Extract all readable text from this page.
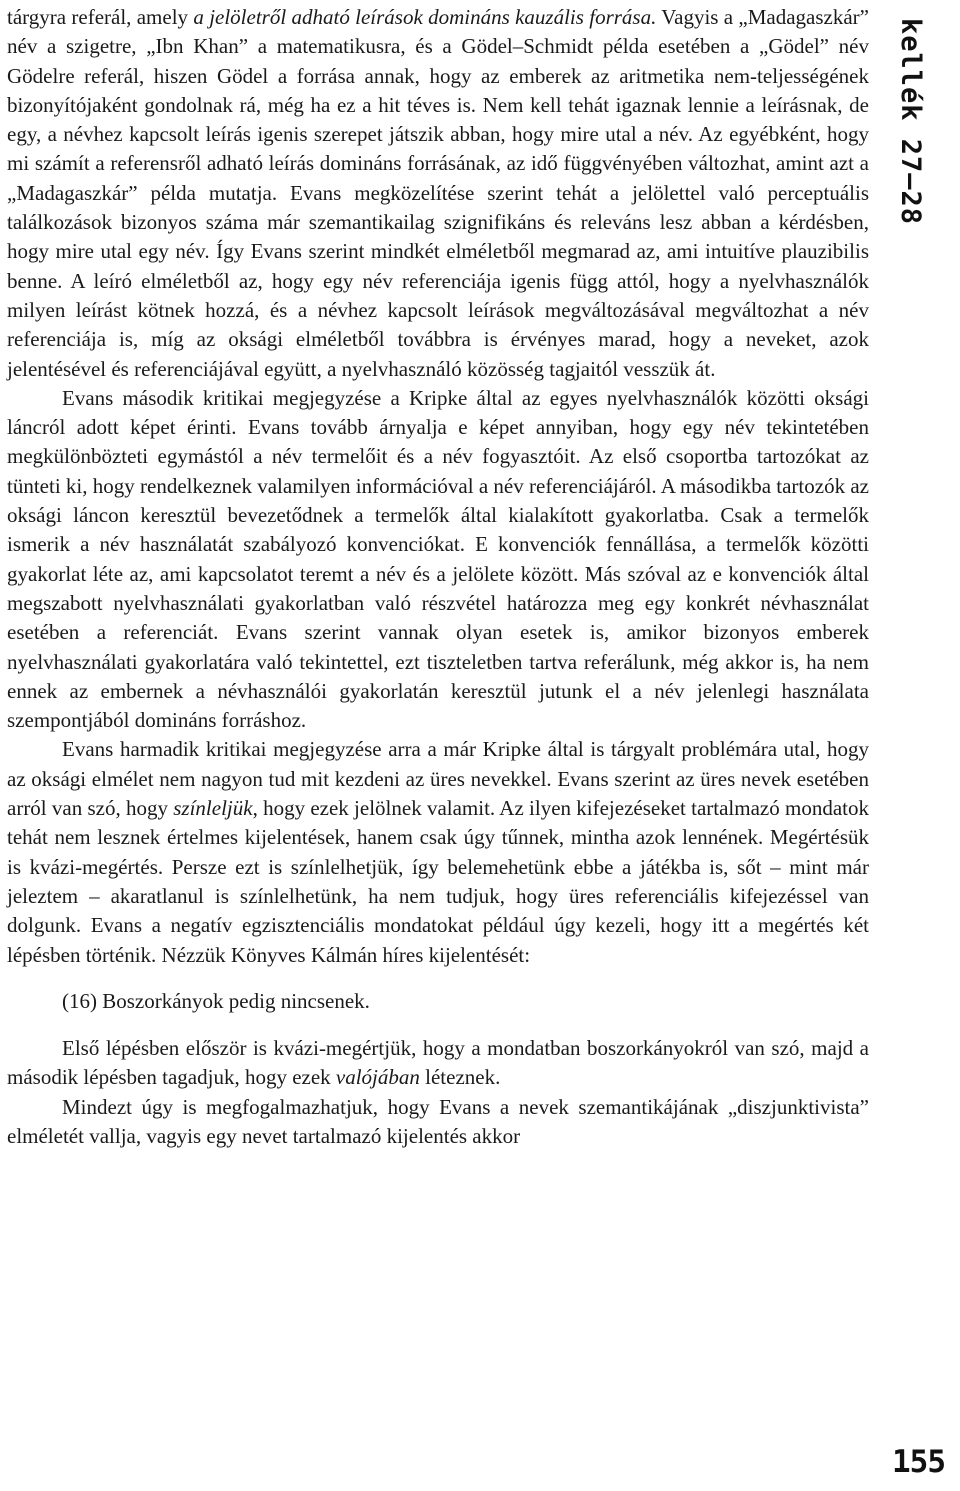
tárgyra referál, amely a jelöletről adható leírások domináns kauzális forrása. Vagyis a „Madagaszkár” név a szigetre, „Ibn Khan” a matematikusra, és a Gödel–Schmidt példa esetében a „Gödel” név Gödelre referál, hiszen Gödel a forrása annak, hogy az emberek az aritmetika nem-teljességének bizonyítójaként gondolnak rá, még ha ez a hit téves is. Nem kell tehát igaznak lennie a leírásnak, de egy, a névhez kapcsolt leírás igenis szerepet játszik abban, hogy mire utal a név. Az egyébként, hogy mi számít a referensről adható leírás domináns forrásának, az idő függvényében változhat, amint azt a „Madagaszkár” példa mutatja. Evans megközelítése szerint tehát a jelölettel való perceptuális találkozások bizonyos száma már szemantikailag szignifikáns és releváns lesz abban a kérdésben, hogy mire utal egy név. Így Evans szerint mindkét elméletből megmarad az, ami intuitíve plauzibilis benne. A leíró elméletből az, hogy egy név referenciája igenis függ attól, hogy a nyelvhasználók milyen leírást kötnek hozzá, és a névhez kapcsolt leírások megváltozásával megváltozhat a név referenciája is, míg az oksági elméletből továbbra is érvényes marad, hogy a neveket, azok jelentésével és referenciájával együtt, a nyelvhasználó közösség tagjaitól vesszük át.

Evans második kritikai megjegyzése a Kripke által az egyes nyelvhasználók közötti oksági láncról adott képet érinti. Evans tovább árnyalja e képet annyiban, hogy egy név tekintetében megkülönbözteti egymástól a név termelőit és a név fogyasztóit. Az első csoportba tartozókat az tünteti ki, hogy rendelkeznek valamilyen információval a név referenciájáról. A másodikba tartozók az oksági láncon keresztül bevezetődnek a termelők által kialakított gyakorlatba. Csak a termelők ismerik a név használatát szabályozó konvenciókat. E konvenciók fennállása, a termelők közötti gyakorlat léte az, ami kapcsolatot teremt a név és a jelölete között. Más szóval az e konvenciók által megszabott nyelvhasználati gyakorlatban való részvétel határozza meg egy konkrét névhasználat esetében a referenciát. Evans szerint vannak olyan esetek is, amikor bizonyos emberek nyelvhasználati gyakorlatára való tekintettel, ezt tiszteletben tartva referálunk, még akkor is, ha nem ennek az embernek a névhasználói gyakorlatán keresztül jutunk el a név jelenlegi használata szempontjából domináns forráshoz.

Evans harmadik kritikai megjegyzése arra a már Kripke által is tárgyalt problémára utal, hogy az oksági elmélet nem nagyon tud mit kezdeni az üres nevekkel. Evans szerint az üres nevek esetében arról van szó, hogy színleljük, hogy ezek jelölnek valamit. Az ilyen kifejezéseket tartalmazó mondatok tehát nem lesznek értelmes kijelentések, hanem csak úgy tűnnek, mintha azok lennének. Megértésük is kvázi-megértés. Persze ezt is színlelhetjük, így belemehetünk ebbe a játékba is, sőt – mint már jeleztem – akaratlanul is színlelhetünk, ha nem tudjuk, hogy üres referenciális kifejezéssel van dolgunk. Evans a negatív egzisztenciális mondatokat például úgy kezeli, hogy itt a megértés két lépésben történik. Nézzük Könyves Kálmán híres kijelentését:

(16) Boszorkányok pedig nincsenek.

Első lépésben először is kvázi-megértjük, hogy a mondatban boszorkányokról van szó, majd a második lépésben tagadjuk, hogy ezek valójában léteznek.

Mindezt úgy is megfogalmazhatjuk, hogy Evans a nevek szemantikájának „diszjunktivista” elméletét vallja, vagyis egy nevet tartalmazó kijelentés akkor

kellék 27–28
155
